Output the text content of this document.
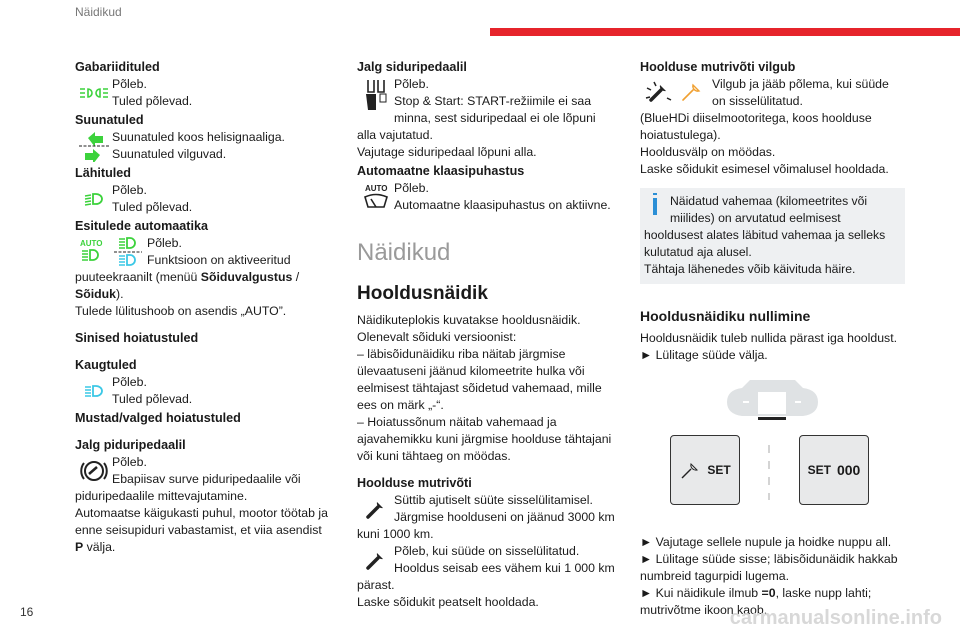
Näidikud
Gabariidituled
Põleb.
Tuled põlevad.
Suunatuled
Suunatuled koos helisignaaliga.
Suunatuled vilguvad.
Lähituled
Põleb.
Tuled põlevad.
Esitulede automaatika
AUTO	Põleb.
Funktsioon on aktiveeritud puuteekraanilt (menüü Sõiduvalgustus / Sõiduk).
Tulede lülitushoob on asendis „AUTO”.
Sinised hoiatustuled
Kaugtuled
Põleb.
Tuled põlevad.
Mustad/valged hoiatustuled
Jalg piduripedaalil
Põleb.
Ebapiisav surve piduripedaalile või piduripedaalile mittevajutamine.
Automaatse käigukasti puhul, mootor töötab ja enne seisupiduri vabastamist, et viia asendist P välja.
Jalg siduripedaalil
Põleb.
Stop & Start: START-režiimile ei saa minna, sest siduripedaal ei ole lõpuni alla vajutatud.
Vajutage siduripedaal lõpuni alla.
Automaatne klaasipuhastus
AUTO Põleb.
Automaatne klaasipuhastus on aktiivne.
Näidikud
Hooldusnäidik
Näidikuteplokis kuvatakse hooldusnäidik.
Olenevalt sõiduki versioonist:
– läbisõidunäidiku riba näitab järgmise ülevaatuseni jäänud kilomeetrite hulka või eelmisest tähtajast sõidetud vahemaad, mille ees on märk „-“.
– Hoiatussõnum näitab vahemaad ja ajavahemikku kuni järgmise hoolduse tähtajani või kuni tähtaeg on möödas.
Hoolduse mutrivõti
Süttib ajutiselt süüte sisselülitamisel. Järgmise hoolduseni on jäänud 3000 km kuni 1000 km.
Põleb, kui süüde on sisselülitatud. Hooldus seisab ees vähem kui 1 000 km pärast.
Laske sõidukit peatselt hooldada.
Hoolduse mutrivõti vilgub
Vilgub ja jääb põlema, kui süüde on sisselülitatud.
(BlueHDi diiselmootoritega, koos hoolduse hoiatustulega).
Hooldusvälp on möödas.
Laske sõidukit esimesel võimalusel hooldada.
Näidatud vahemaa (kilomeetrites või miilides) on arvutatud eelmisest hooldusest alates läbitud vahemaa ja selleks kulutatud aja alusel.
Tähtaja lähenedes võib käivituda häire.
Hooldusnäidiku nullimine
Hooldusnäidik tuleb nullida pärast iga hooldust.
► Lülitage süüde välja.
SET	SET 000
► Vajutage sellele nupule ja hoidke nuppu all.
► Lülitage süüde sisse; läbisõidunäidik hakkab numbreid tagurpidi lugema.
► Kui näidikule ilmub =0, laske nupp lahti; mutrivõtme ikoon kaob.
16	carmanualsonline.info
